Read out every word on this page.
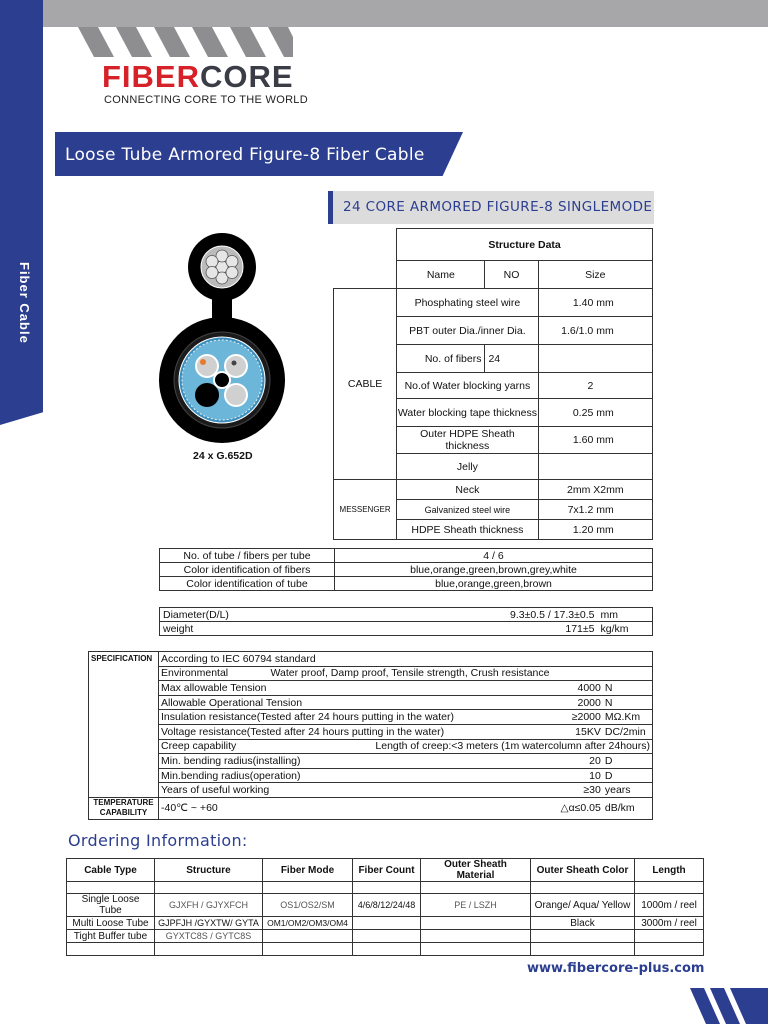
Fiber Cable
FIBERCORE
CONNECTING CORE TO THE WORLD
Loose Tube Armored Figure-8 Fiber Cable
24 CORE ARMORED FIGURE-8 SINGLEMODE
24 x G.652D
	Structure Data			
	Name	NO	Size	
CABLE	Phosphating steel wire		1.40	mm
	PBT outer Dia./inner Dia.		1.6/1.0	mm
	No. of fibers	24		
	No.of Water blocking yarns		2	
	Water blocking tape thickness		0.25	mm
	Outer HDPE Sheath thickness		1.60	mm
	Jelly			
MESSENGER	Neck		2mm X2mm	
	Galvanized steel wire		7x1.2	mm
	HDPE Sheath thickness		1.20	mm
No. of tube / fibers per tube	4 / 6
Color identification of fibers	blue,orange,green,brown,grey,white
Color identification of tube	blue,orange,green,brown
Diameter(D/L)	9.3±0.5 / 17.3±0.5	mm
weight	171±5	kg/km
SPECIFICATION	According to IEC 60794 standard			
	Environmental	Water proof, Damp proof, Tensile strength, Crush resistance		
	Max allowable Tension		4000	N
	Allowable Operational Tension		2000	N
	Insulation resistance(Tested after 24 hours putting in the water)		≥2000	MΩ.Km
	Voltage resistance(Tested after 24 hours putting in the water)		15KV	DC/2min
	Creep capability	Length of creep:<3 meters (1m watercolumn after 24hours)		
	Min. bending radius(installing)		20	D
	Min.bending radius(operation)		10	D
	Years of useful working		≥30	years
TEMPERATURE
CAPABILITY	-40℃ ~ +60		△α≤0.05	dB/km
Ordering Information:
Cable Type	Structure	Fiber Mode	Fiber Count	Outer Sheath Material	Outer Sheath Color	Length

Single Loose Tube	GJXFH / GJYXFCH	OS1/OS2/SM	4/6/8/12/24/48	PE / LSZH	Orange/ Aqua/ Yellow	1000m / reel
Multi Loose Tube	GJPFJH /GYXTW/ GYTA	OM1/OM2/OM3/OM4			Black	3000m / reel
Tight Buffer tube	GYXTC8S / GYTC8S					

www.fibercore-plus.com
